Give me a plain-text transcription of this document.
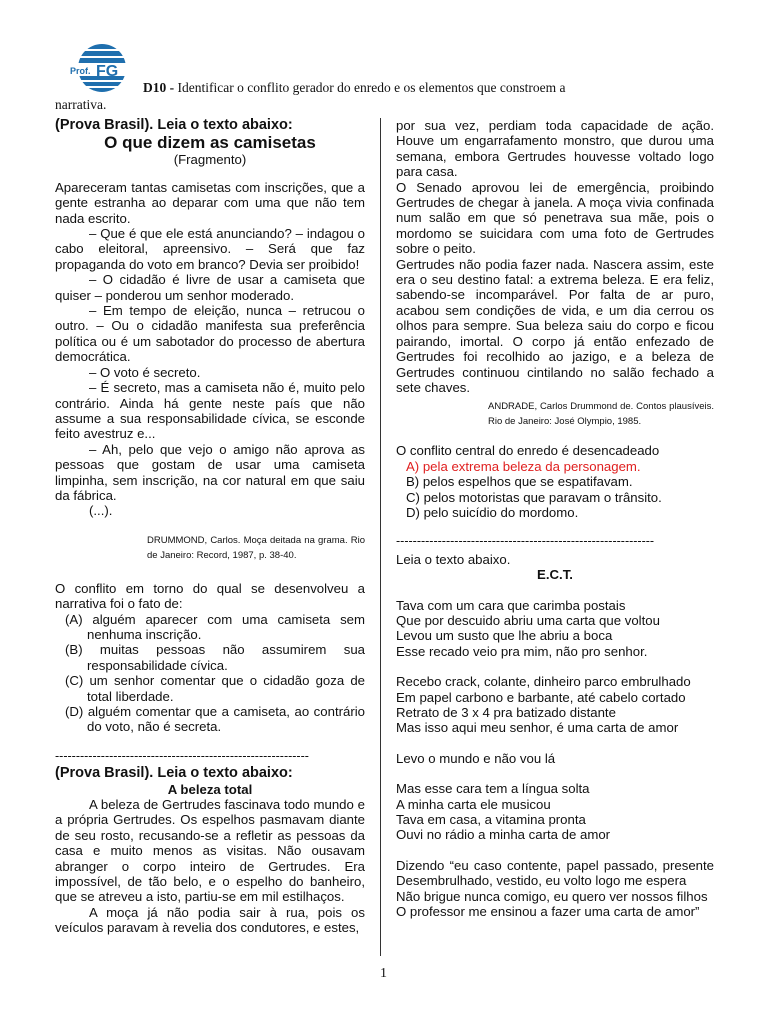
Prof. FG
D10 - Identificar o conflito gerador do enredo e os elementos que constroem a
narrativa.

(Prova Brasil). Leia o texto abaixo:

O que dizem as camisetas

(Fragmento)

Apareceram tantas camisetas com inscrições, que a gente estranha ao deparar com uma que não tem nada escrito.

– Que é que ele está anunciando? – indagou o cabo eleitoral, apreensivo. – Será que faz propaganda do voto em branco? Devia ser proibido!

– O cidadão é livre de usar a camiseta que quiser – ponderou um senhor moderado.

– Em tempo de eleição, nunca – retrucou o outro. – Ou o cidadão manifesta sua preferência política ou é um sabotador do processo de abertura democrática.

– O voto é secreto.

– É secreto, mas a camiseta não é, muito pelo contrário. Ainda há gente neste país que não assume a sua responsabilidade cívica, se esconde feito avestruz e...

– Ah, pelo que vejo o amigo não aprova as pessoas que gostam de usar uma camiseta limpinha, sem inscrição, na cor natural em que saiu da fábrica.

(...).

DRUMMOND, Carlos. Moça deitada na grama. Rio de Janeiro: Record, 1987, p. 38-40.

O conflito em torno do qual se desenvolveu a narrativa foi o fato de:

(A) alguém aparecer com uma camiseta sem nenhuma inscrição.

(B) muitas pessoas não assumirem sua responsabilidade cívica.

(C) um senhor comentar que o cidadão goza de total liberdade.

(D) alguém comentar que a camiseta, ao contrário do voto, não é secreta.

-------------------------------------------------------------

(Prova Brasil). Leia o texto abaixo:

A beleza total

A beleza de Gertrudes fascinava todo mundo e a própria Gertrudes. Os espelhos pasmavam diante de seu rosto, recusando-se a refletir as pessoas da casa e muito menos as visitas. Não ousavam abranger o corpo inteiro de Gertrudes. Era impossível, de tão belo, e o espelho do banheiro, que se atreveu a isto, partiu-se em mil estilhaços.

A moça já não podia sair à rua, pois os veículos paravam à revelia dos condutores, e estes,

por sua vez, perdiam toda capacidade de ação. Houve um engarrafamento monstro, que durou uma semana, embora Gertrudes houvesse voltado logo para casa.

O Senado aprovou lei de emergência, proibindo Gertrudes de chegar à janela. A moça vivia confinada num salão em que só penetrava sua mãe, pois o mordomo se suicidara com uma foto de Gertrudes sobre o peito.

Gertrudes não podia fazer nada. Nascera assim, este era o seu destino fatal: a extrema beleza. E era feliz, sabendo-se incomparável. Por falta de ar puro, acabou sem condições de vida, e um dia cerrou os olhos para sempre. Sua beleza saiu do corpo e ficou pairando, imortal. O corpo já então enfezado de Gertrudes foi recolhido ao jazigo, e a beleza de Gertrudes continuou cintilando no salão fechado a sete chaves.

ANDRADE, Carlos Drummond de. Contos plausíveis. Rio de Janeiro: José Olympio, 1985.

O conflito central do enredo é desencadeado

A) pela extrema beleza da personagem.

B) pelos espelhos que se espatifavam.

C) pelos motoristas que paravam o trânsito.

D) pelo suicídio do mordomo.

--------------------------------------------------------------

Leia o texto abaixo.

E.C.T.

Tava com um cara que carimba postais

Que por descuido abriu uma carta que voltou

Levou um susto que lhe abriu a boca

Esse recado veio pra mim, não pro senhor.

Recebo crack, colante, dinheiro parco embrulhado

Em papel carbono e barbante, até cabelo cortado

Retrato de 3 x 4 pra batizado distante

Mas isso aqui meu senhor, é uma carta de amor

Levo o mundo e não vou lá

Mas esse cara tem a língua solta

A minha carta ele musicou

Tava em casa, a vitamina pronta

Ouvi no rádio a minha carta de amor

Dizendo “eu caso contente, papel passado, presente Desembrulhado, vestido, eu volto logo me espera

Não brigue nunca comigo, eu quero ver nossos filhos

O professor me ensinou a fazer uma carta de amor”

1
